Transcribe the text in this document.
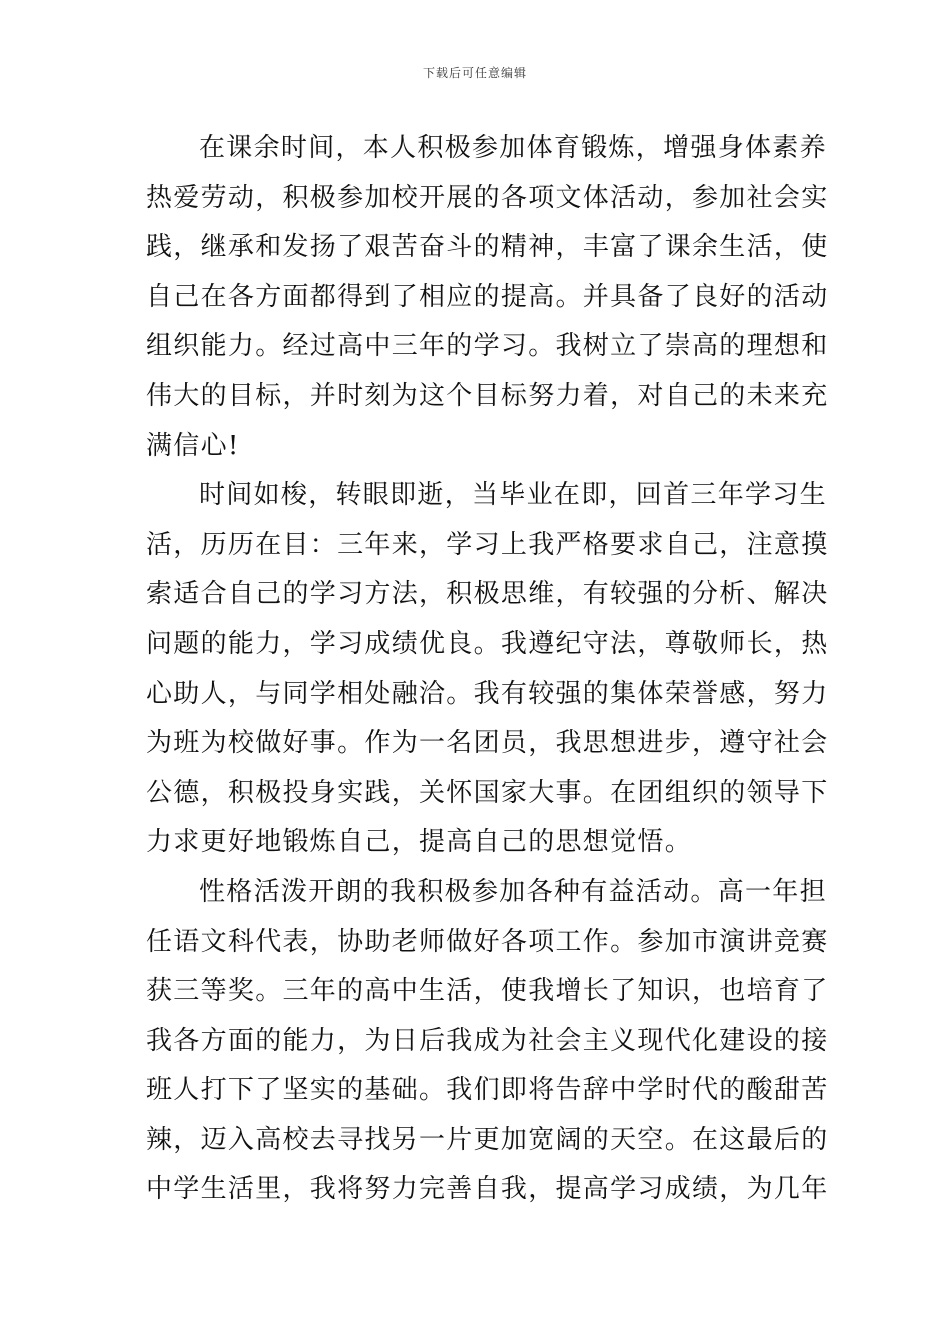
下载后可任意编辑
在课余时间，本人积极参加体育锻炼，增强身体素养
热爱劳动，积极参加校开展的各项文体活动，参加社会实
践，继承和发扬了艰苦奋斗的精神，丰富了课余生活，使
自己在各方面都得到了相应的提高。并具备了良好的活动
组织能力。经过高中三年的学习。我树立了崇高的理想和
伟大的目标，并时刻为这个目标努力着，对自己的未来充
满信心!
时间如梭，转眼即逝，当毕业在即，回首三年学习生
活，历历在目：三年来，学习上我严格要求自己，注意摸
索适合自己的学习方法，积极思维，有较强的分析、解决
问题的能力，学习成绩优良。我遵纪守法，尊敬师长，热
心助人，与同学相处融洽。我有较强的集体荣誉感，努力
为班为校做好事。作为一名团员，我思想进步，遵守社会
公德，积极投身实践，关怀国家大事。在团组织的领导下
力求更好地锻炼自己，提高自己的思想觉悟。
性格活泼开朗的我积极参加各种有益活动。高一年担
任语文科代表，协助老师做好各项工作。参加市演讲竞赛
获三等奖。三年的高中生活，使我增长了知识，也培育了
我各方面的能力，为日后我成为社会主义现代化建设的接
班人打下了坚实的基础。我们即将告辞中学时代的酸甜苦
辣，迈入高校去寻找另一片更加宽阔的天空。在这最后的
中学生活里，我将努力完善自我，提高学习成绩，为几年
